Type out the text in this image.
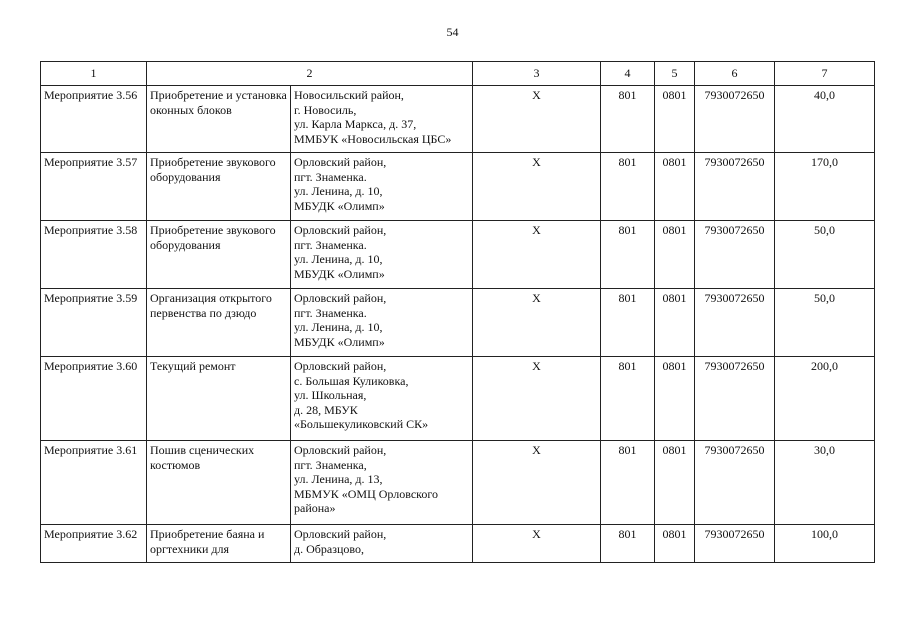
54
1	2		3	4	5	6	7
Мероприятие 3.56	Приобретение и установка оконных блоков	Новосильский район,
г. Новосиль,
ул. Карла Маркса, д. 37,
ММБУК «Новосильская ЦБС»	X	801	0801	7930072650	40,0
Мероприятие 3.57	Приобретение звукового оборудования	Орловский район,
пгт. Знаменка.
ул. Ленина, д. 10,
МБУДК «Олимп»	X	801	0801	7930072650	170,0
Мероприятие 3.58	Приобретение звукового оборудования	Орловский район,
пгт. Знаменка.
ул. Ленина, д. 10,
МБУДК «Олимп»	X	801	0801	7930072650	50,0
Мероприятие 3.59	Организация открытого первенства по дзюдо	Орловский район,
пгт. Знаменка.
ул. Ленина, д. 10,
МБУДК «Олимп»	X	801	0801	7930072650	50,0
Мероприятие 3.60	Текущий ремонт	Орловский район,
с. Большая Куликовка,
ул. Школьная,
д. 28, МБУК
«Большекуликовский СК»	X	801	0801	7930072650	200,0
Мероприятие 3.61	Пошив сценических костюмов	Орловский район,
пгт. Знаменка,
ул. Ленина, д. 13,
МБМУК «ОМЦ Орловского
района»	X	801	0801	7930072650	30,0
Мероприятие 3.62	Приобретение баяна и оргтехники для	Орловский район,
д. Образцово,	X	801	0801	7930072650	100,0
